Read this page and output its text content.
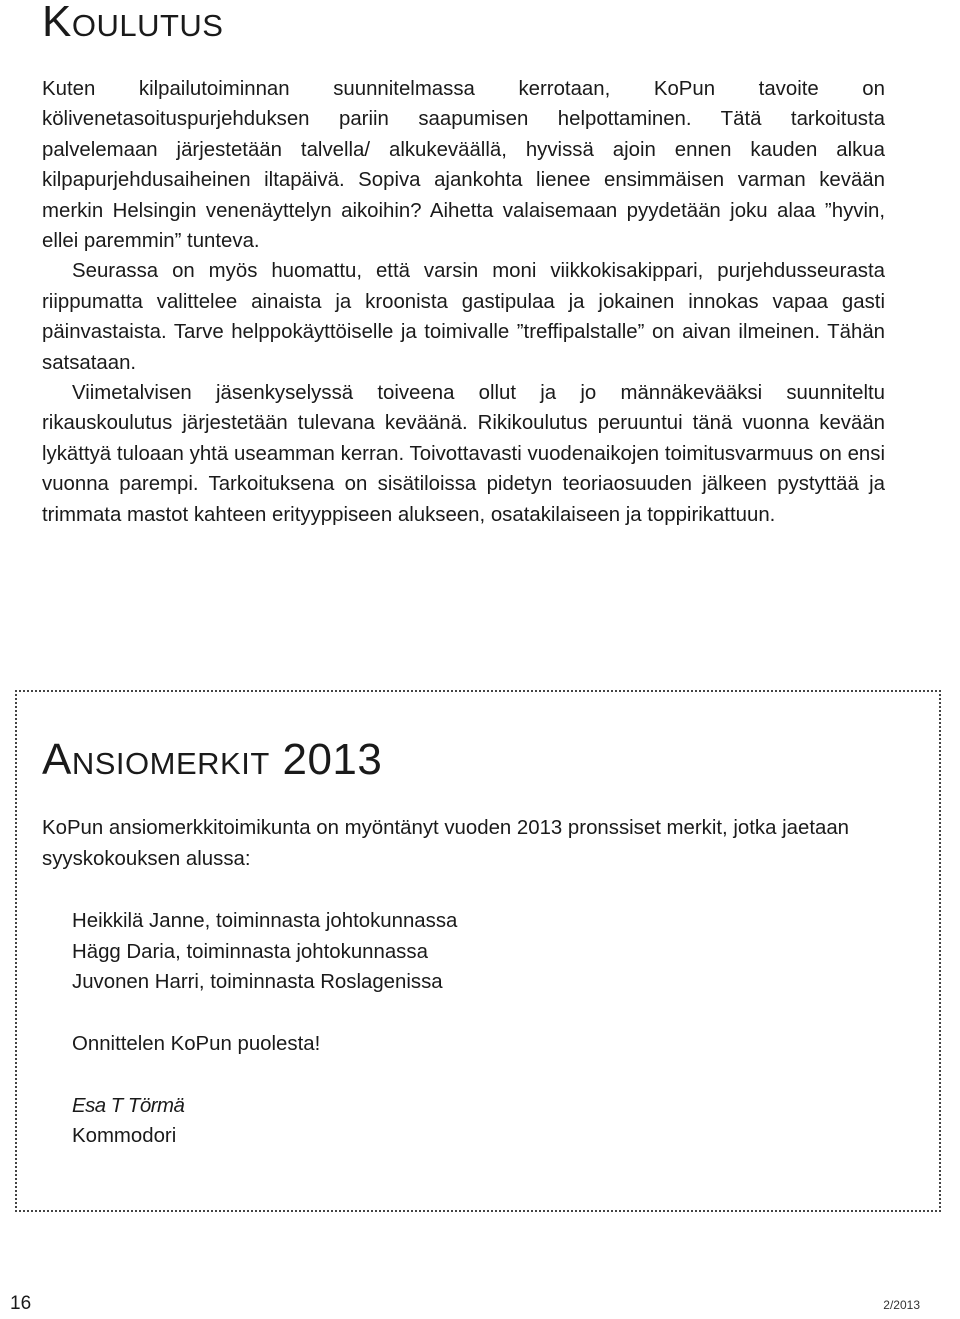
Koulutus

Kuten kilpailutoiminnan suunnitelmassa kerrotaan, KoPun tavoite on kölivenetasoituspurjehduksen pariin saapumisen helpottaminen. Tätä tarkoitusta palvelemaan järjestetään talvella/ alkukeväällä, hyvissä ajoin ennen kauden alkua kilpapurjehdusaiheinen iltapäivä. Sopiva ajankohta lienee ensimmäisen varman kevään merkin Helsingin venenäyttelyn aikoihin? Aihetta valaisemaan pyydetään joku alaa ”hyvin, ellei paremmin” tunteva.

Seurassa on myös huomattu, että varsin moni viikkokisakippari, purjehdusseurasta riippumatta valittelee ainaista ja kroonista gastipulaa ja jokainen innokas vapaa gasti päinvastaista. Tarve helppokäyttöiselle ja toimivalle ”treffipalstalle” on aivan ilmeinen. Tähän satsataan.

Viimetalvisen jäsenkyselyssä toiveena ollut ja jo männäkevääksi suunniteltu rikauskoulutus järjestetään tulevana keväänä. Rikikoulutus peruuntui tänä vuonna kevään lykättyä tuloaan yhtä useamman kerran. Toivottavasti vuodenaikojen toimitusvarmuus on ensi vuonna parempi. Tarkoituksena on sisätiloissa pidetyn teoriaosuuden jälkeen pystyttää ja trimmata mastot kahteen erityyppiseen alukseen, osatakilaiseen ja toppirikattuun.

Ansiomerkit 2013

KoPun ansiomerkkitoimikunta on myöntänyt vuoden 2013 pronssiset merkit, jotka jaetaan syyskokouksen alussa:

Heikkilä Janne, toiminnasta johtokunnassa
Hägg Daria, toiminnasta johtokunnassa
Juvonen Harri, toiminnasta Roslagenissa

Onnittelen KoPun puolesta!

Esa T Törmä

Kommodori

16	2/2013
